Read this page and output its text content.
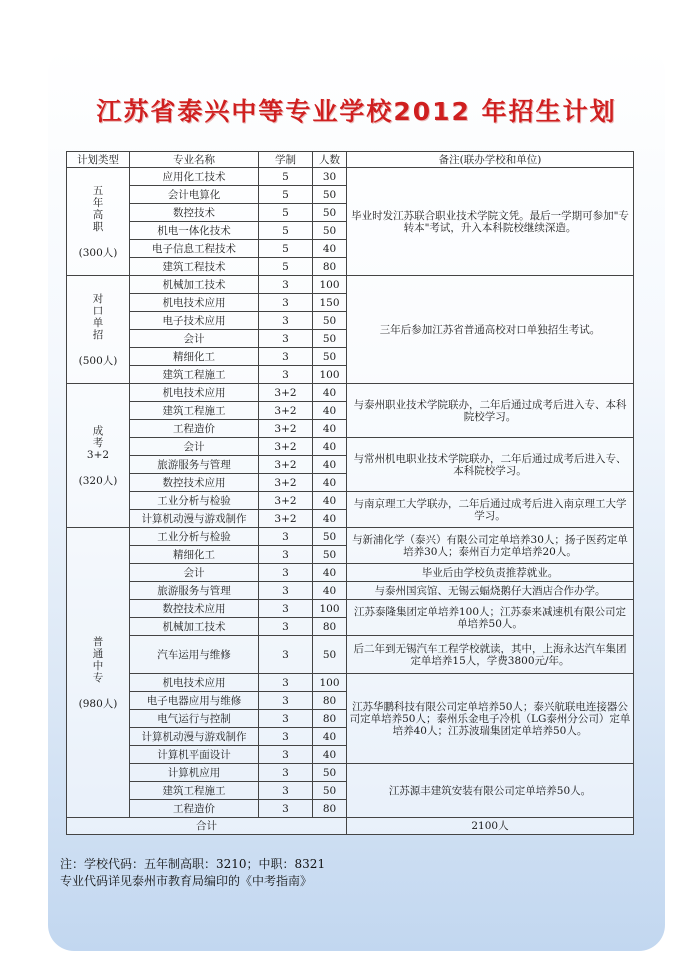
江苏省泰兴中等专业学校2012 年招生计划
计划类型	专业名称	学制	人数	备注(联办学校和单位)

五
年
高
职
(300人)	应用化工技术	5	30	毕业时发江苏联合职业技术学院文凭。最后一学期可参加"专转本"考试，升入本科院校继续深造。
	会计电算化	5	50	
	数控技术	5	50	
	机电一体化技术	5	50	
	电子信息工程技术	5	40	
	建筑工程技术	5	80	

对
口
单
招
(500人)	机械加工技术	3	100	三年后参加江苏省普通高校对口单独招生考试。
	机电技术应用	3	150	
	电子技术应用	3	50	
	会计	3	50	
	精细化工	3	50	
	建筑工程施工	3	100	

成
考
3+2
(320人)	机电技术应用	3+2	40	与泰州职业技术学院联办，二年后通过成考后进入专、本科院校学习。
	建筑工程施工	3+2	40	
	工程造价	3+2	40	
	会计	3+2	40	与常州机电职业技术学院联办，二年后通过成考后进入专、本科院校学习。
	旅游服务与管理	3+2	40	
	数控技术应用	3+2	40	
	工业分析与检验	3+2	40	与南京理工大学联办，二年后通过成考后进入南京理工大学学习。
	计算机动漫与游戏制作	3+2	40	

普
通
中
专
(980人)	工业分析与检验	3	50	与新浦化学（泰兴）有限公司定单培养30人；扬子医药定单培养30人；泰州百力定单培养20人。
	精细化工	3	50	
	会计	3	40	毕业后由学校负责推荐就业。
	旅游服务与管理	3	40	与泰州国宾馆、无锡云蝠烧鹅仔大酒店合作办学。
	数控技术应用	3	100	江苏泰隆集团定单培养100人；江苏泰来减速机有限公司定单培养50人。
	机械加工技术	3	80	
	汽车运用与维修	3	50	后二年到无锡汽车工程学校就读，其中，上海永达汽车集团定单培养15人，学费3800元/年。
	机电技术应用	3	100	江苏华鹏科技有限公司定单培养50人；泰兴航联电连接器公司定单培养50人；泰州乐金电子冷机（LG泰州分公司）定单培养40人；江苏波瑞集团定单培养50人。
	电子电器应用与维修	3	80	
	电气运行与控制	3	80	
	计算机动漫与游戏制作	3	40	
	计算机平面设计	3	40	
	计算机应用	3	50	江苏源丰建筑安装有限公司定单培养50人。
	建筑工程施工	3	50	
	工程造价	3	80	
合计				2100人
注：学校代码：五年制高职：3210；中职：8321
专业代码详见泰州市教育局编印的《中考指南》
